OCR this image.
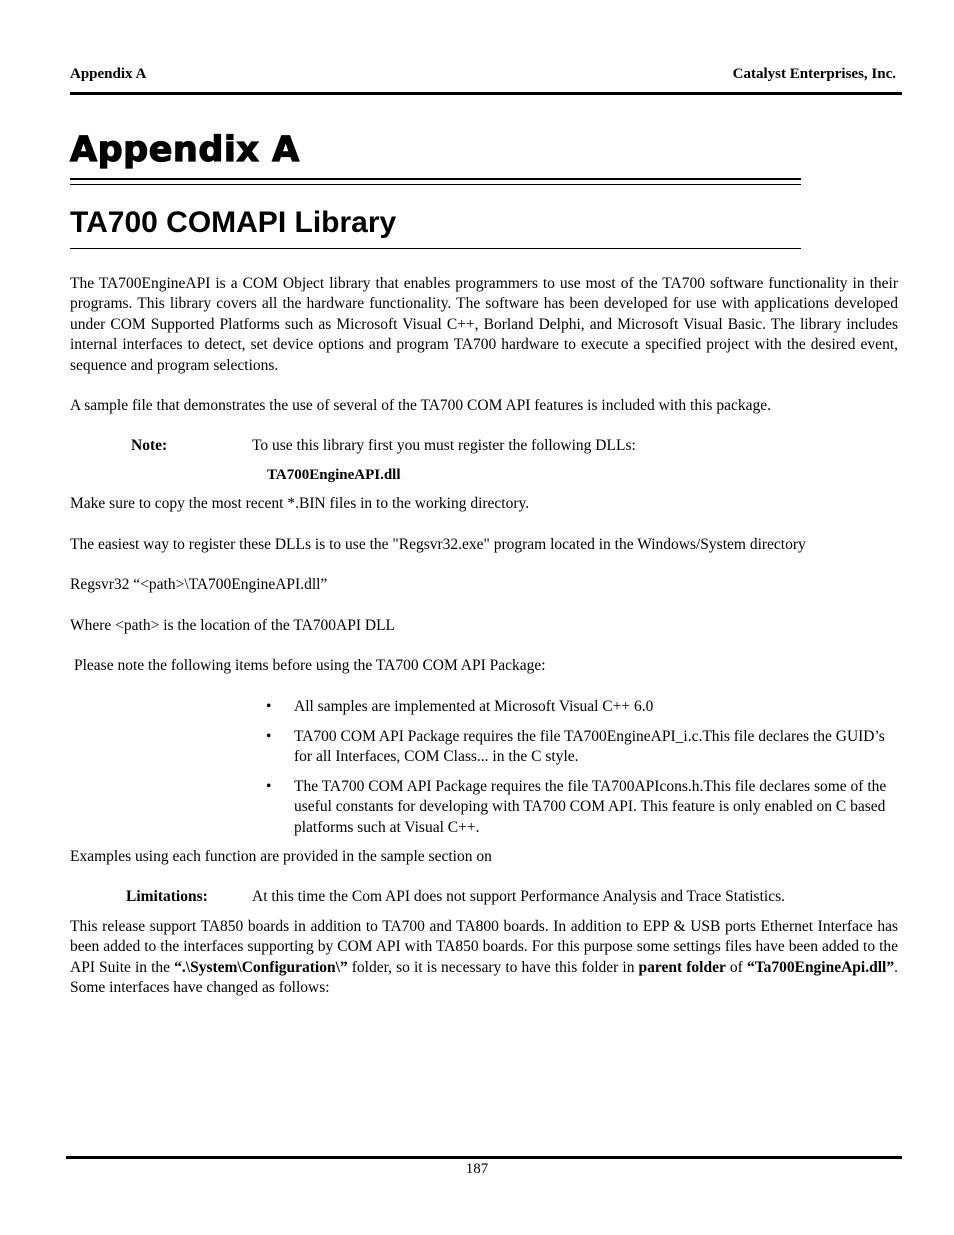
Appendix A	Catalyst Enterprises, Inc.
Appendix A
TA700 COMAPI Library

The TA700EngineAPI is a COM Object library that enables programmers to use most of the TA700 software functionality in their programs. This library covers all the hardware functionality. The software has been developed for use with applications developed under COM Supported Platforms such as Microsoft Visual C++, Borland Delphi, and Microsoft Visual Basic. The library includes internal interfaces to detect, set device options and program TA700 hardware to execute a specified project with the desired event, sequence and program selections.

A sample file that demonstrates the use of several of the TA700 COM API features is included with this package.

Note:	To use this library first you must register the following DLLs:
TA700EngineAPI.dll

Make sure to copy the most recent *.BIN files in to the working directory.

The easiest way to register these DLLs is to use the "Regsvr32.exe" program located in the Windows/System directory

Regsvr32 “<path>\TA700EngineAPI.dll”

Where <path> is the location of the TA700API DLL

Please note the following items before using the TA700 COM API Package:

• All samples are implemented at Microsoft Visual C++ 6.0
• TA700 COM API Package requires the file TA700EngineAPI_i.c.This file declares the GUID’s for all Interfaces, COM Class... in the C style.
• The TA700 COM API Package requires the file TA700APIcons.h.This file declares some of the useful constants for developing with TA700 COM API. This feature is only enabled on C based platforms such at Visual C++.

Examples using each function are provided in the sample section on

Limitations:	At this time the Com API does not support Performance Analysis and Trace Statistics.

This release support TA850 boards in addition to TA700 and TA800 boards. In addition to EPP & USB ports Ethernet Interface has been added to the interfaces supporting by COM API with TA850 boards. For this purpose some settings files have been added to the API Suite in the “.\System\Configuration\” folder, so it is necessary to have this folder in parent folder of “Ta700EngineApi.dll”. Some interfaces have changed as follows:

187
